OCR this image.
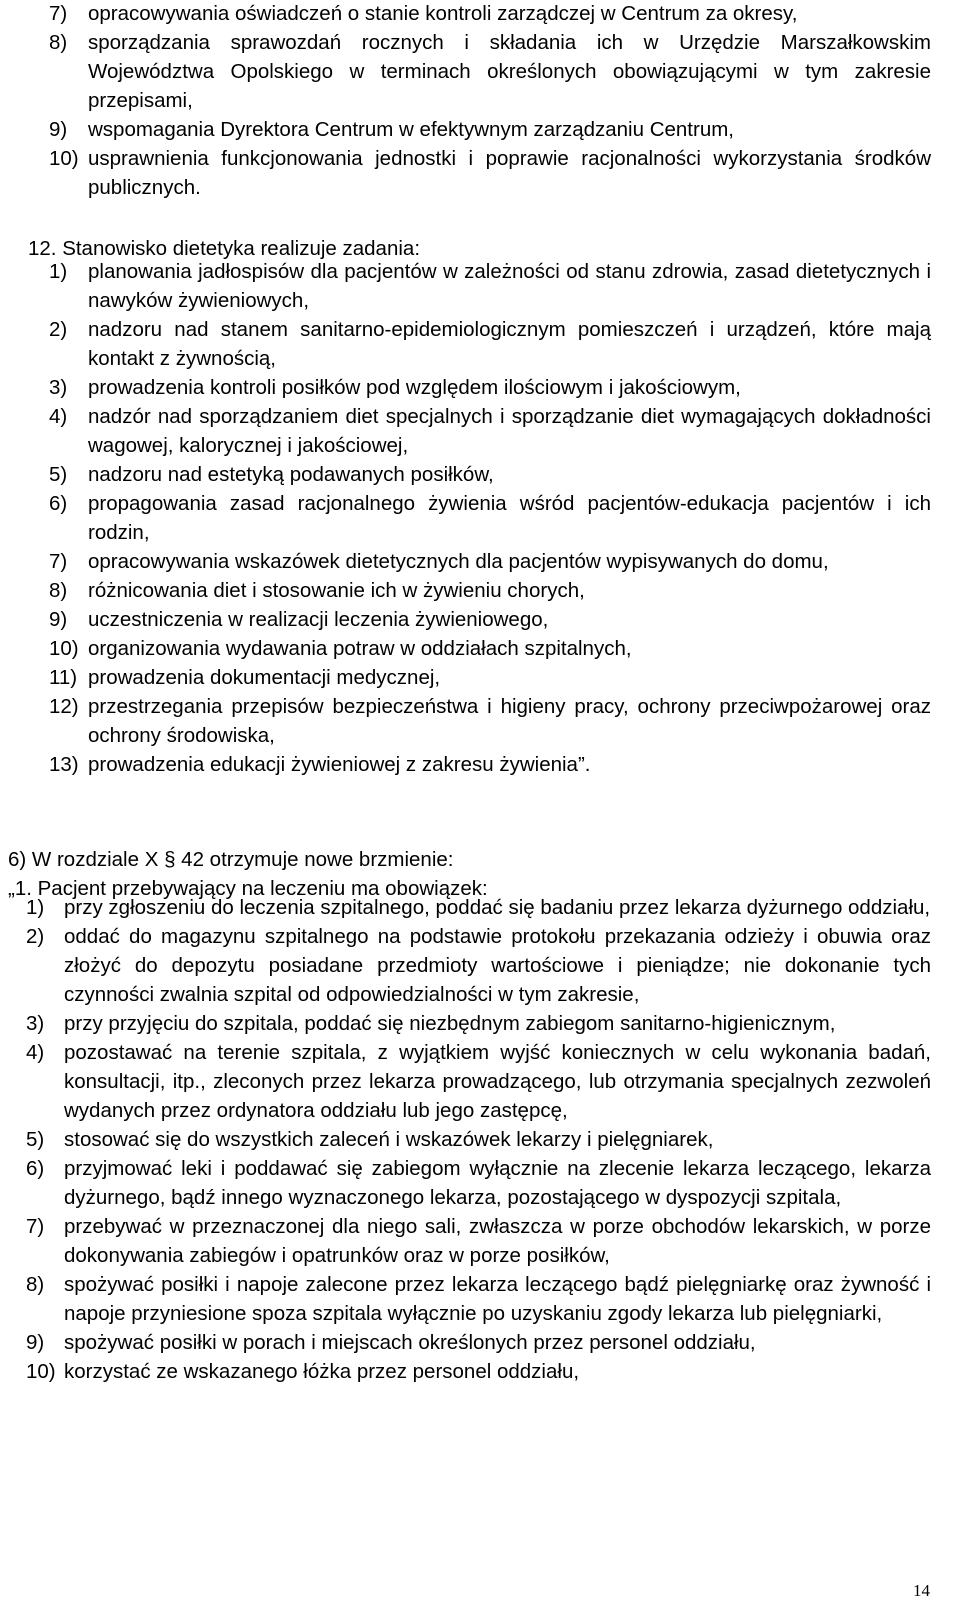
7)	opracowywania oświadczeń o stanie kontroli zarządczej w Centrum za okresy,
8)	sporządzania sprawozdań rocznych i składania ich w Urzędzie Marszałkowskim Województwa Opolskiego w terminach określonych obowiązującymi w tym zakresie przepisami,
9)	wspomagania Dyrektora Centrum w efektywnym zarządzaniu Centrum,
10) usprawnienia funkcjonowania jednostki i poprawie racjonalności wykorzystania środków publicznych.

12. Stanowisko dietetyka realizuje zadania:

1)	planowania jadłospisów dla pacjentów w zależności od stanu zdrowia, zasad dietetycznych i nawyków żywieniowych,
2)	nadzoru nad stanem sanitarno-epidemiologicznym pomieszczeń i urządzeń, które mają kontakt z żywnością,
3)	prowadzenia kontroli posiłków pod względem ilościowym i jakościowym,
4)	nadzór nad sporządzaniem diet specjalnych i sporządzanie diet wymagających dokładności wagowej, kalorycznej i jakościowej,
5)	nadzoru nad estetyką podawanych posiłków,
6)	propagowania zasad racjonalnego żywienia wśród pacjentów-edukacja pacjentów i ich rodzin,
7)	opracowywania wskazówek dietetycznych dla pacjentów wypisywanych do domu,
8)	różnicowania diet i stosowanie ich w żywieniu chorych,
9)	uczestniczenia w realizacji leczenia żywieniowego,
10) organizowania wydawania potraw w oddziałach szpitalnych,
11) prowadzenia dokumentacji medycznej,
12) przestrzegania przepisów bezpieczeństwa i higieny pracy, ochrony przeciwpożarowej oraz ochrony środowiska,
13) prowadzenia edukacji żywieniowej z zakresu żywienia”.

6) W rozdziale X § 42 otrzymuje nowe brzmienie:

„1. Pacjent przebywający na leczeniu ma obowiązek:

1) przy zgłoszeniu do leczenia szpitalnego, poddać się badaniu przez lekarza dyżurnego oddziału,
2) oddać do magazynu szpitalnego na podstawie protokołu przekazania odzieży i obuwia oraz złożyć do depozytu posiadane przedmioty wartościowe i pieniądze; nie dokonanie tych czynności zwalnia szpital od odpowiedzialności w tym zakresie,
3) przy przyjęciu do szpitala, poddać się niezbędnym zabiegom sanitarno-higienicznym,
4) pozostawać na terenie szpitala, z wyjątkiem wyjść koniecznych w celu wykonania badań, konsultacji, itp., zleconych przez lekarza prowadzącego, lub otrzymania specjalnych zezwoleń wydanych przez ordynatora oddziału lub jego zastępcę,
5) stosować się do wszystkich zaleceń i wskazówek lekarzy i pielęgniarek,
6) przyjmować leki i poddawać się zabiegom wyłącznie na zlecenie lekarza leczącego, lekarza dyżurnego, bądź innego wyznaczonego lekarza, pozostającego w dyspozycji szpitala,
7) przebywać w przeznaczonej dla niego sali, zwłaszcza w porze obchodów lekarskich, w porze dokonywania zabiegów i opatrunków oraz w porze posiłków,
8) spożywać posiłki i napoje zalecone przez lekarza leczącego bądź pielęgniarkę oraz żywność i napoje przyniesione spoza szpitala wyłącznie po uzyskaniu zgody lekarza lub pielęgniarki,
9) spożywać posiłki w porach i miejscach określonych przez personel oddziału,
10) korzystać ze wskazanego łóżka przez personel oddziału,
14
